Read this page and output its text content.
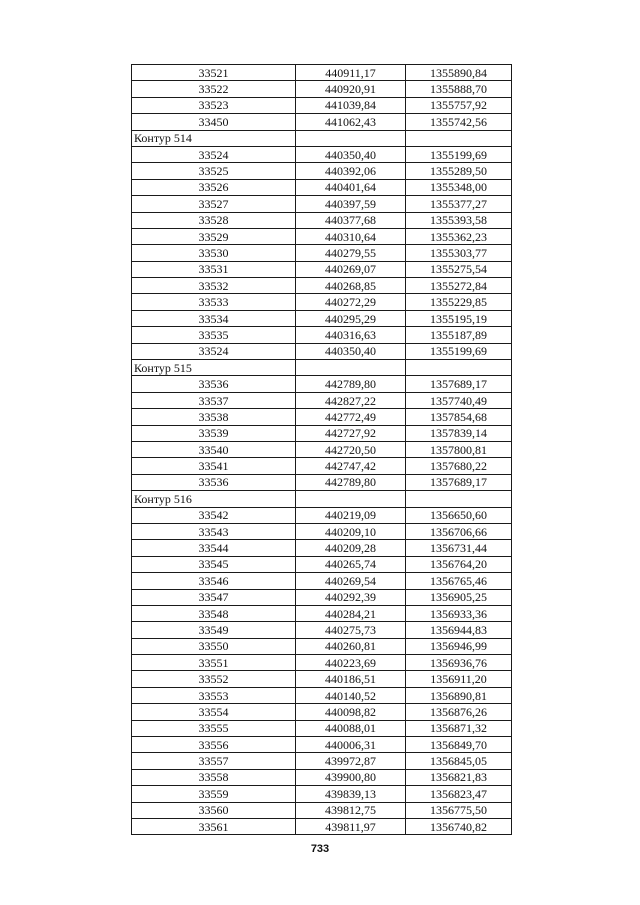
33521	440911,17	1355890,84
33522	440920,91	1355888,70
33523	441039,84	1355757,92
33450	441062,43	1355742,56
Контур 514		
33524	440350,40	1355199,69
33525	440392,06	1355289,50
33526	440401,64	1355348,00
33527	440397,59	1355377,27
33528	440377,68	1355393,58
33529	440310,64	1355362,23
33530	440279,55	1355303,77
33531	440269,07	1355275,54
33532	440268,85	1355272,84
33533	440272,29	1355229,85
33534	440295,29	1355195,19
33535	440316,63	1355187,89
33524	440350,40	1355199,69
Контур 515		
33536	442789,80	1357689,17
33537	442827,22	1357740,49
33538	442772,49	1357854,68
33539	442727,92	1357839,14
33540	442720,50	1357800,81
33541	442747,42	1357680,22
33536	442789,80	1357689,17
Контур 516		
33542	440219,09	1356650,60
33543	440209,10	1356706,66
33544	440209,28	1356731,44
33545	440265,74	1356764,20
33546	440269,54	1356765,46
33547	440292,39	1356905,25
33548	440284,21	1356933,36
33549	440275,73	1356944,83
33550	440260,81	1356946,99
33551	440223,69	1356936,76
33552	440186,51	1356911,20
33553	440140,52	1356890,81
33554	440098,82	1356876,26
33555	440088,01	1356871,32
33556	440006,31	1356849,70
33557	439972,87	1356845,05
33558	439900,80	1356821,83
33559	439839,13	1356823,47
33560	439812,75	1356775,50
33561	439811,97	1356740,82
733
